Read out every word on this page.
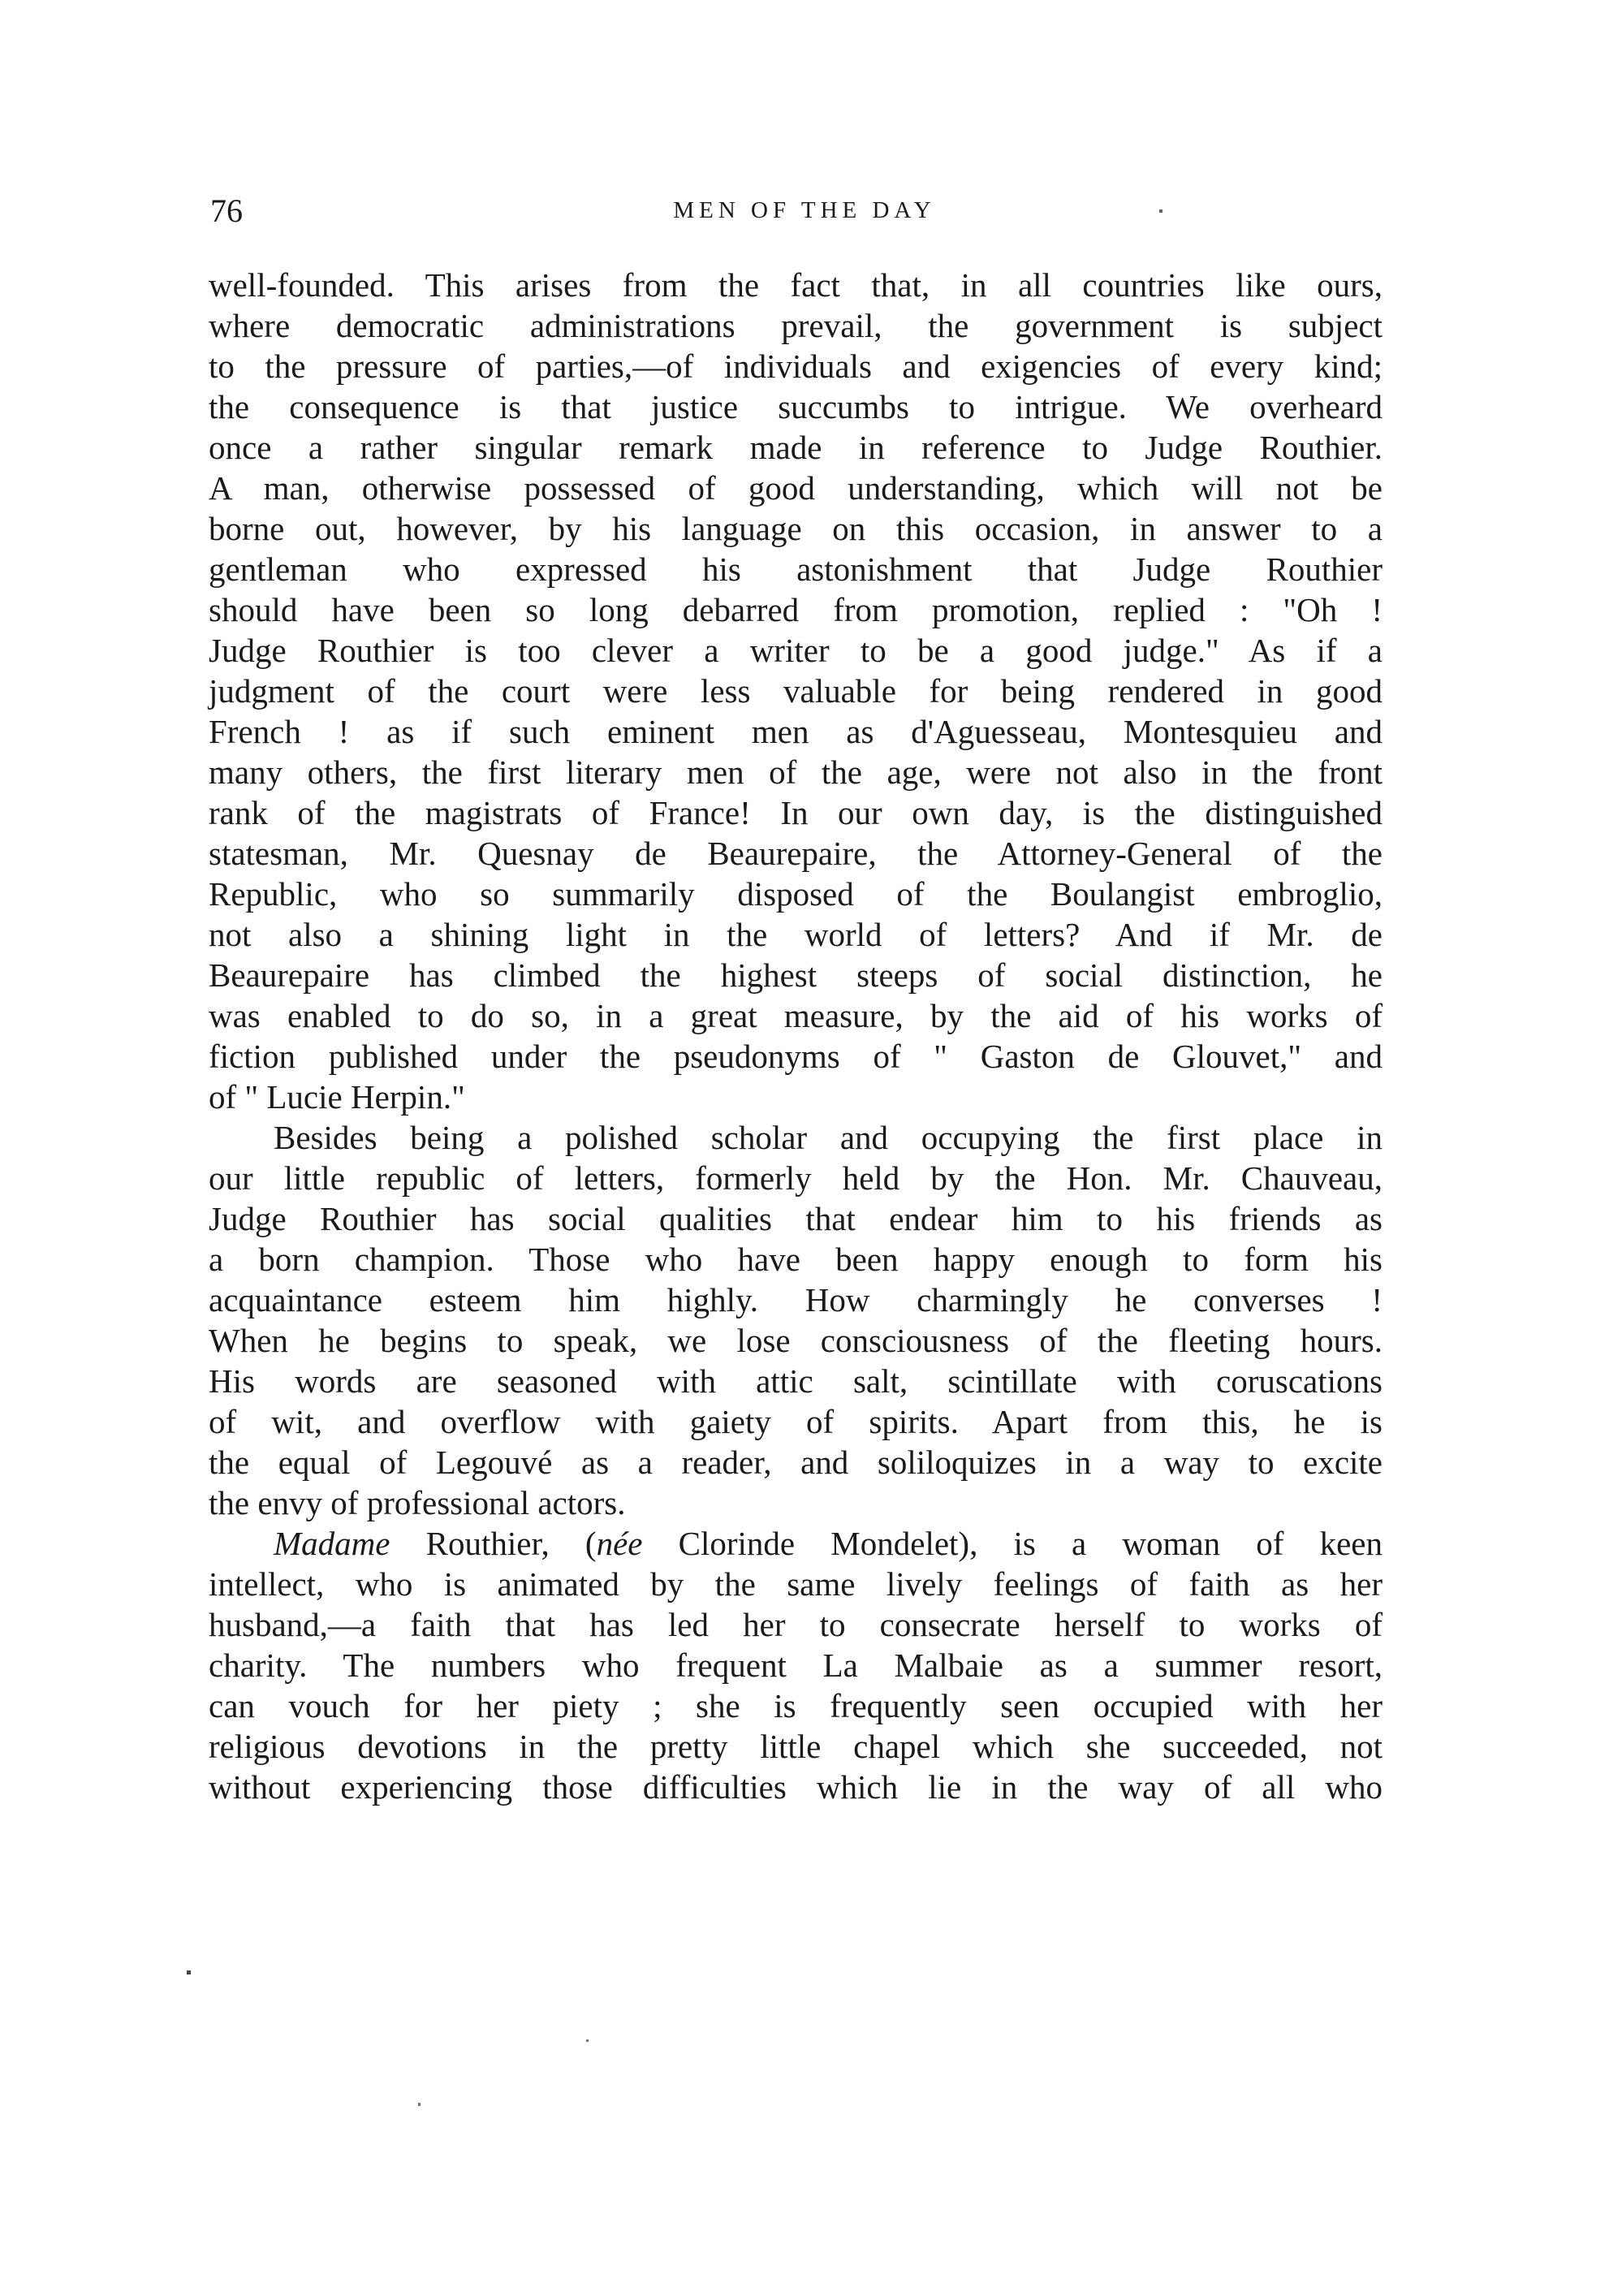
76	MEN OF THE DAY
well-founded. This arises from the fact that, in all countries like ours,
where democratic administrations prevail, the government is subject
to the pressure of parties,—of individuals and exigencies of every kind;
the consequence is that justice succumbs to intrigue. We overheard
once a rather singular remark made in reference to Judge Routhier.
A man, otherwise possessed of good understanding, which will not be
borne out, however, by his language on this occasion, in answer to a
gentleman who expressed his astonishment that Judge Routhier
should have been so long debarred from promotion, replied : "Oh !
Judge Routhier is too clever a writer to be a good judge." As if a
judgment of the court were less valuable for being rendered in good
French ! as if such eminent men as d'Aguesseau, Montesquieu and
many others, the first literary men of the age, were not also in the front
rank of the magistrats of France! In our own day, is the distinguished
statesman, Mr. Quesnay de Beaurepaire, the Attorney-General of the
Republic, who so summarily disposed of the Boulangist embroglio,
not also a shining light in the world of letters? And if Mr. de
Beaurepaire has climbed the highest steeps of social distinction, he
was enabled to do so, in a great measure, by the aid of his works of
fiction published under the pseudonyms of " Gaston de Glouvet," and
of " Lucie Herpin."
Besides being a polished scholar and occupying the first place in
our little republic of letters, formerly held by the Hon. Mr. Chauveau,
Judge Routhier has social qualities that endear him to his friends as
a born champion. Those who have been happy enough to form his
acquaintance esteem him highly. How charmingly he converses !
When he begins to speak, we lose consciousness of the fleeting hours.
His words are seasoned with attic salt, scintillate with coruscations
of wit, and overflow with gaiety of spirits. Apart from this, he is
the equal of Legouvé as a reader, and soliloquizes in a way to excite
the envy of professional actors.
Madame Routhier, (née Clorinde Mondelet), is a woman of keen
intellect, who is animated by the same lively feelings of faith as her
husband,—a faith that has led her to consecrate herself to works of
charity. The numbers who frequent La Malbaie as a summer resort,
can vouch for her piety ; she is frequently seen occupied with her
religious devotions in the pretty little chapel which she succeeded, not
without experiencing those difficulties which lie in the way of all who
